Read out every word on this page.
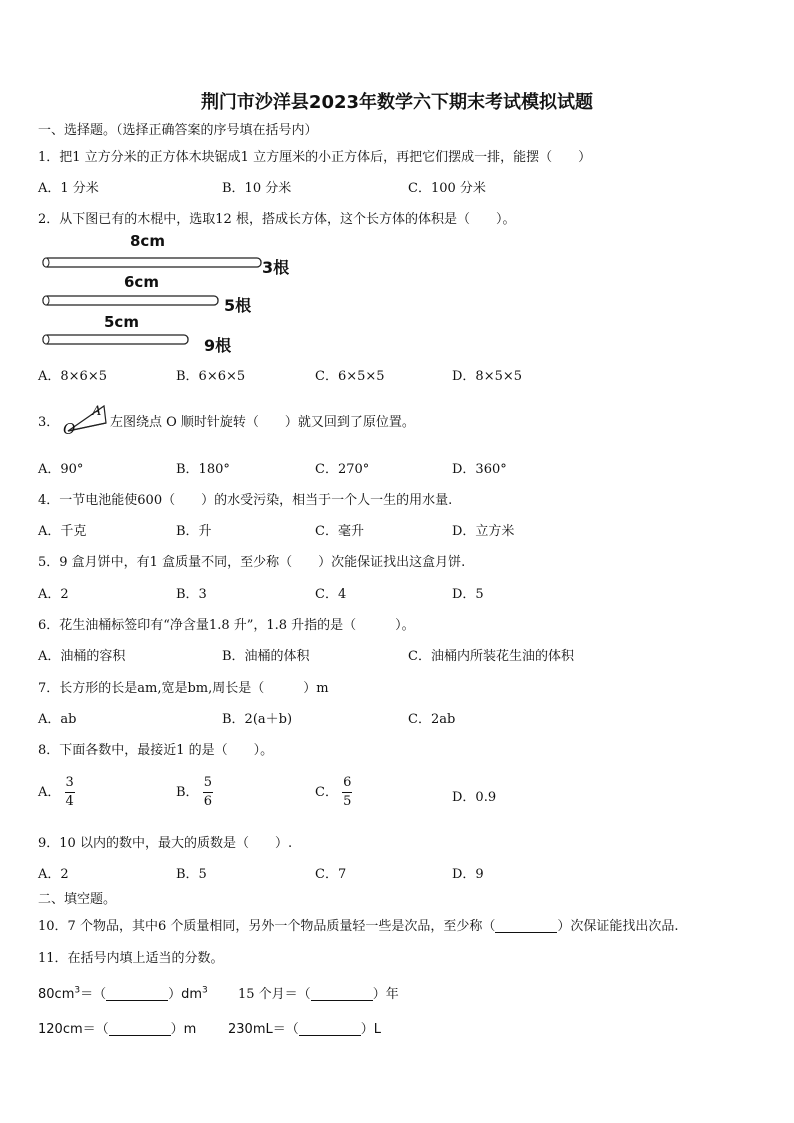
荆门市沙洋县2023年数学六下期末考试模拟试题
一、选择题。（选择正确答案的序号填在括号内）
1．把1 立方分米的正方体木块锯成1 立方厘米的小正方体后，再把它们摆成一排，能摆（　　）
A．1 分米	B．10 分米	C．100 分米
2．从下图已有的木棍中，选取12 根，搭成长方体，这个长方体的体积是（　　）。
8cm
3根
6cm
5根
5cm
9根
A．8×6×5	B．6×6×5	C．6×5×5	D．8×5×5
3． O
A
左图绕点 O 顺时针旋转（　　）就又回到了原位置。
A．90°	B．180°	C．270°	D．360°
4．一节电池能使600（　　）的水受污染，相当于一个人一生的用水量.
A．千克	B．升	C．毫升	D．立方米
5．9 盒月饼中，有1 盒质量不同，至少称（　　）次能保证找出这盒月饼.
A．2	B．3	C．4	D．5
6．花生油桶标签印有“净含量1.8 升”，1.8 升指的是（　　　）。
A．油桶的容积	B．油桶的体积	C．油桶内所装花生油的体积
7．长方形的长是am,宽是bm,周长是（　　　）m
A．ab	B．2(a＋b)	C．2ab
8．下面各数中，最接近1 的是（　　）。
A． $\frac{3}{4}$	B． $\frac{5}{6}$	C． $\frac{6}{5}$	D．0.9
9．10 以内的数中，最大的质数是（　　）.
A．2	B．5	C．7	D．9
二、填空题。
10．7 个物品，其中6 个质量相同，另外一个物品质量轻一些是次品，至少称（	）次保证能找出次品.
11．在括号内填上适当的分数。
$80cm^3=$（	）$dm^3$ 15 个月＝（	）年
120cm＝（	）m 230mL＝（	）L
